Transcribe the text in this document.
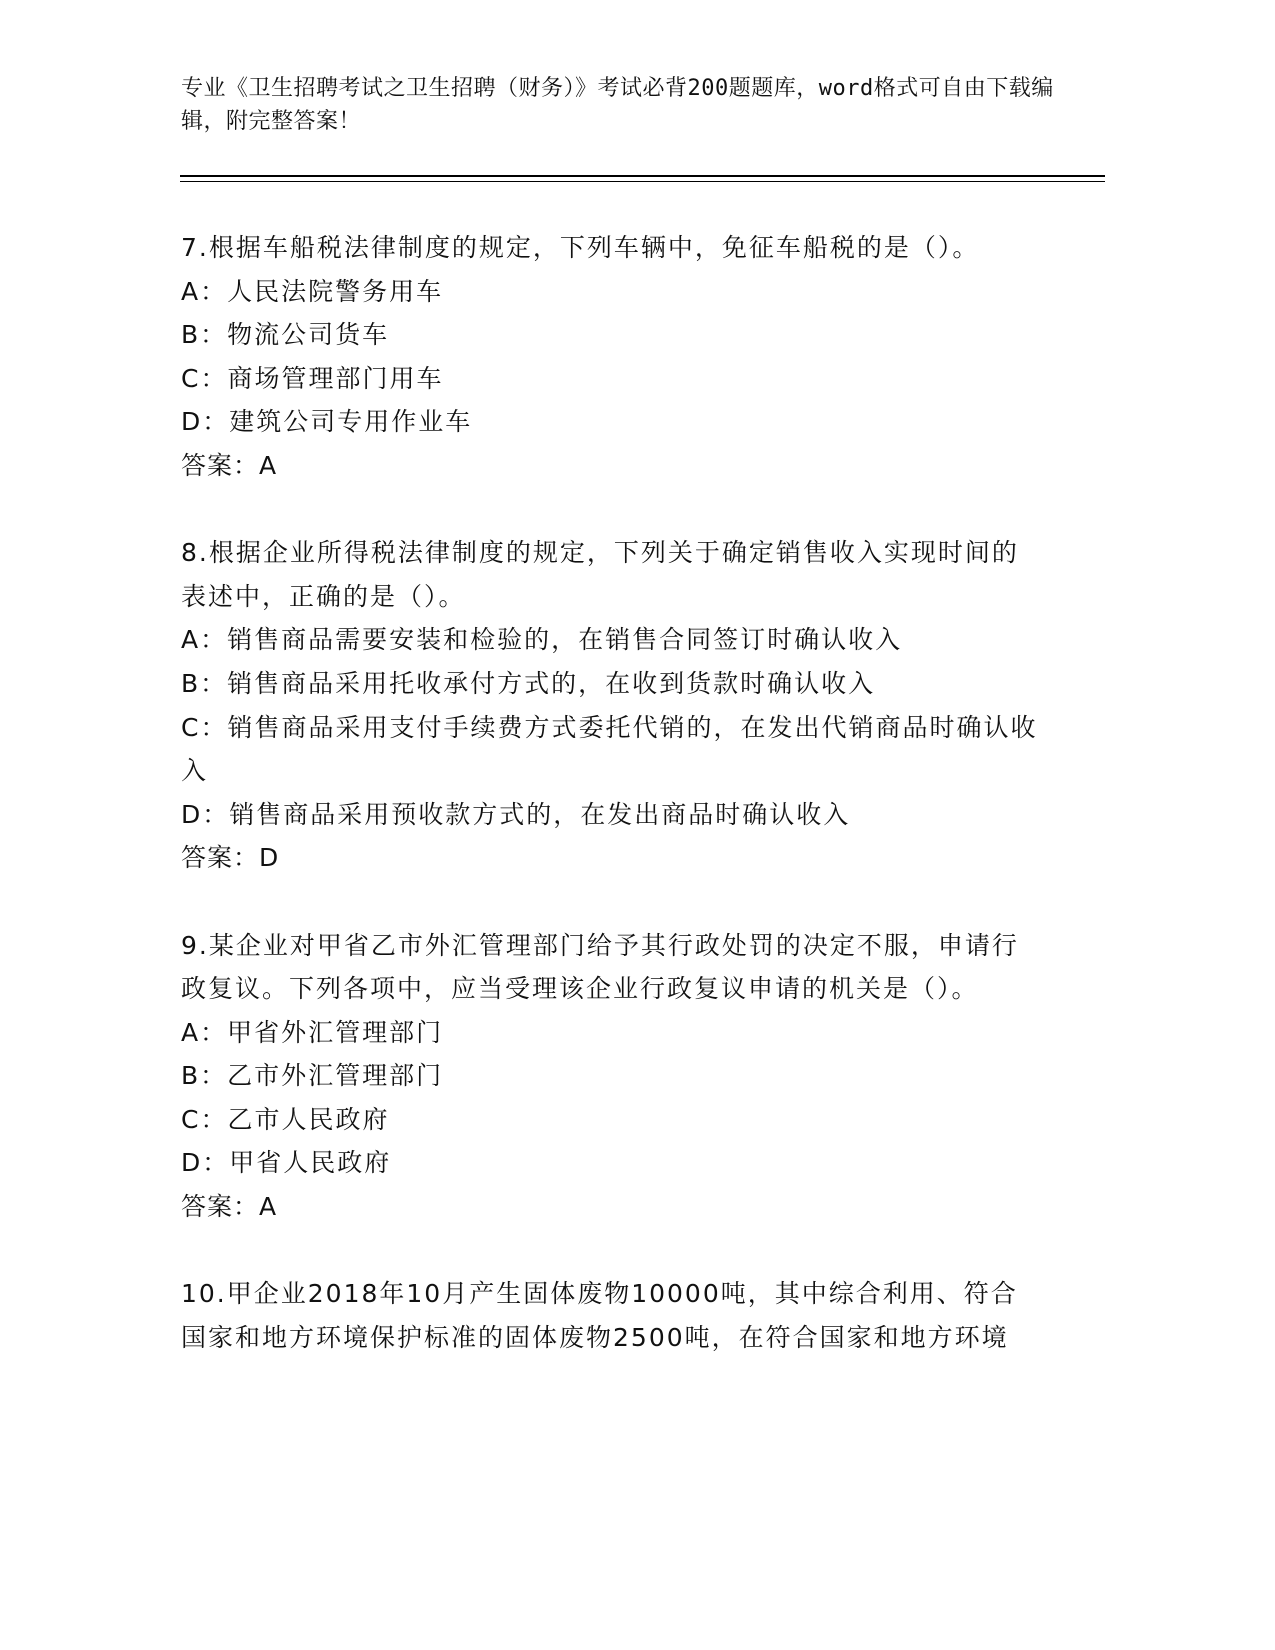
专业《卫生招聘考试之卫生招聘（财务）》考试必背200题题库，word格式可自由下载编辑，附完整答案！

7.根据车船税法律制度的规定，下列车辆中，免征车船税的是（）。

A：人民法院警务用车

B：物流公司货车

C：商场管理部门用车

D：建筑公司专用作业车

答案：A

8.根据企业所得税法律制度的规定，下列关于确定销售收入实现时间的表述中，正确的是（）。

A：销售商品需要安装和检验的，在销售合同签订时确认收入

B：销售商品采用托收承付方式的，在收到货款时确认收入

C：销售商品采用支付手续费方式委托代销的，在发出代销商品时确认收入

D：销售商品采用预收款方式的，在发出商品时确认收入

答案：D

9.某企业对甲省乙市外汇管理部门给予其行政处罚的决定不服，申请行政复议。下列各项中，应当受理该企业行政复议申请的机关是（）。

A：甲省外汇管理部门

B：乙市外汇管理部门

C：乙市人民政府

D：甲省人民政府

答案：A

10.甲企业2018年10月产生固体废物10000吨，其中综合利用、符合国家和地方环境保护标准的固体废物2500吨，在符合国家和地方环境
